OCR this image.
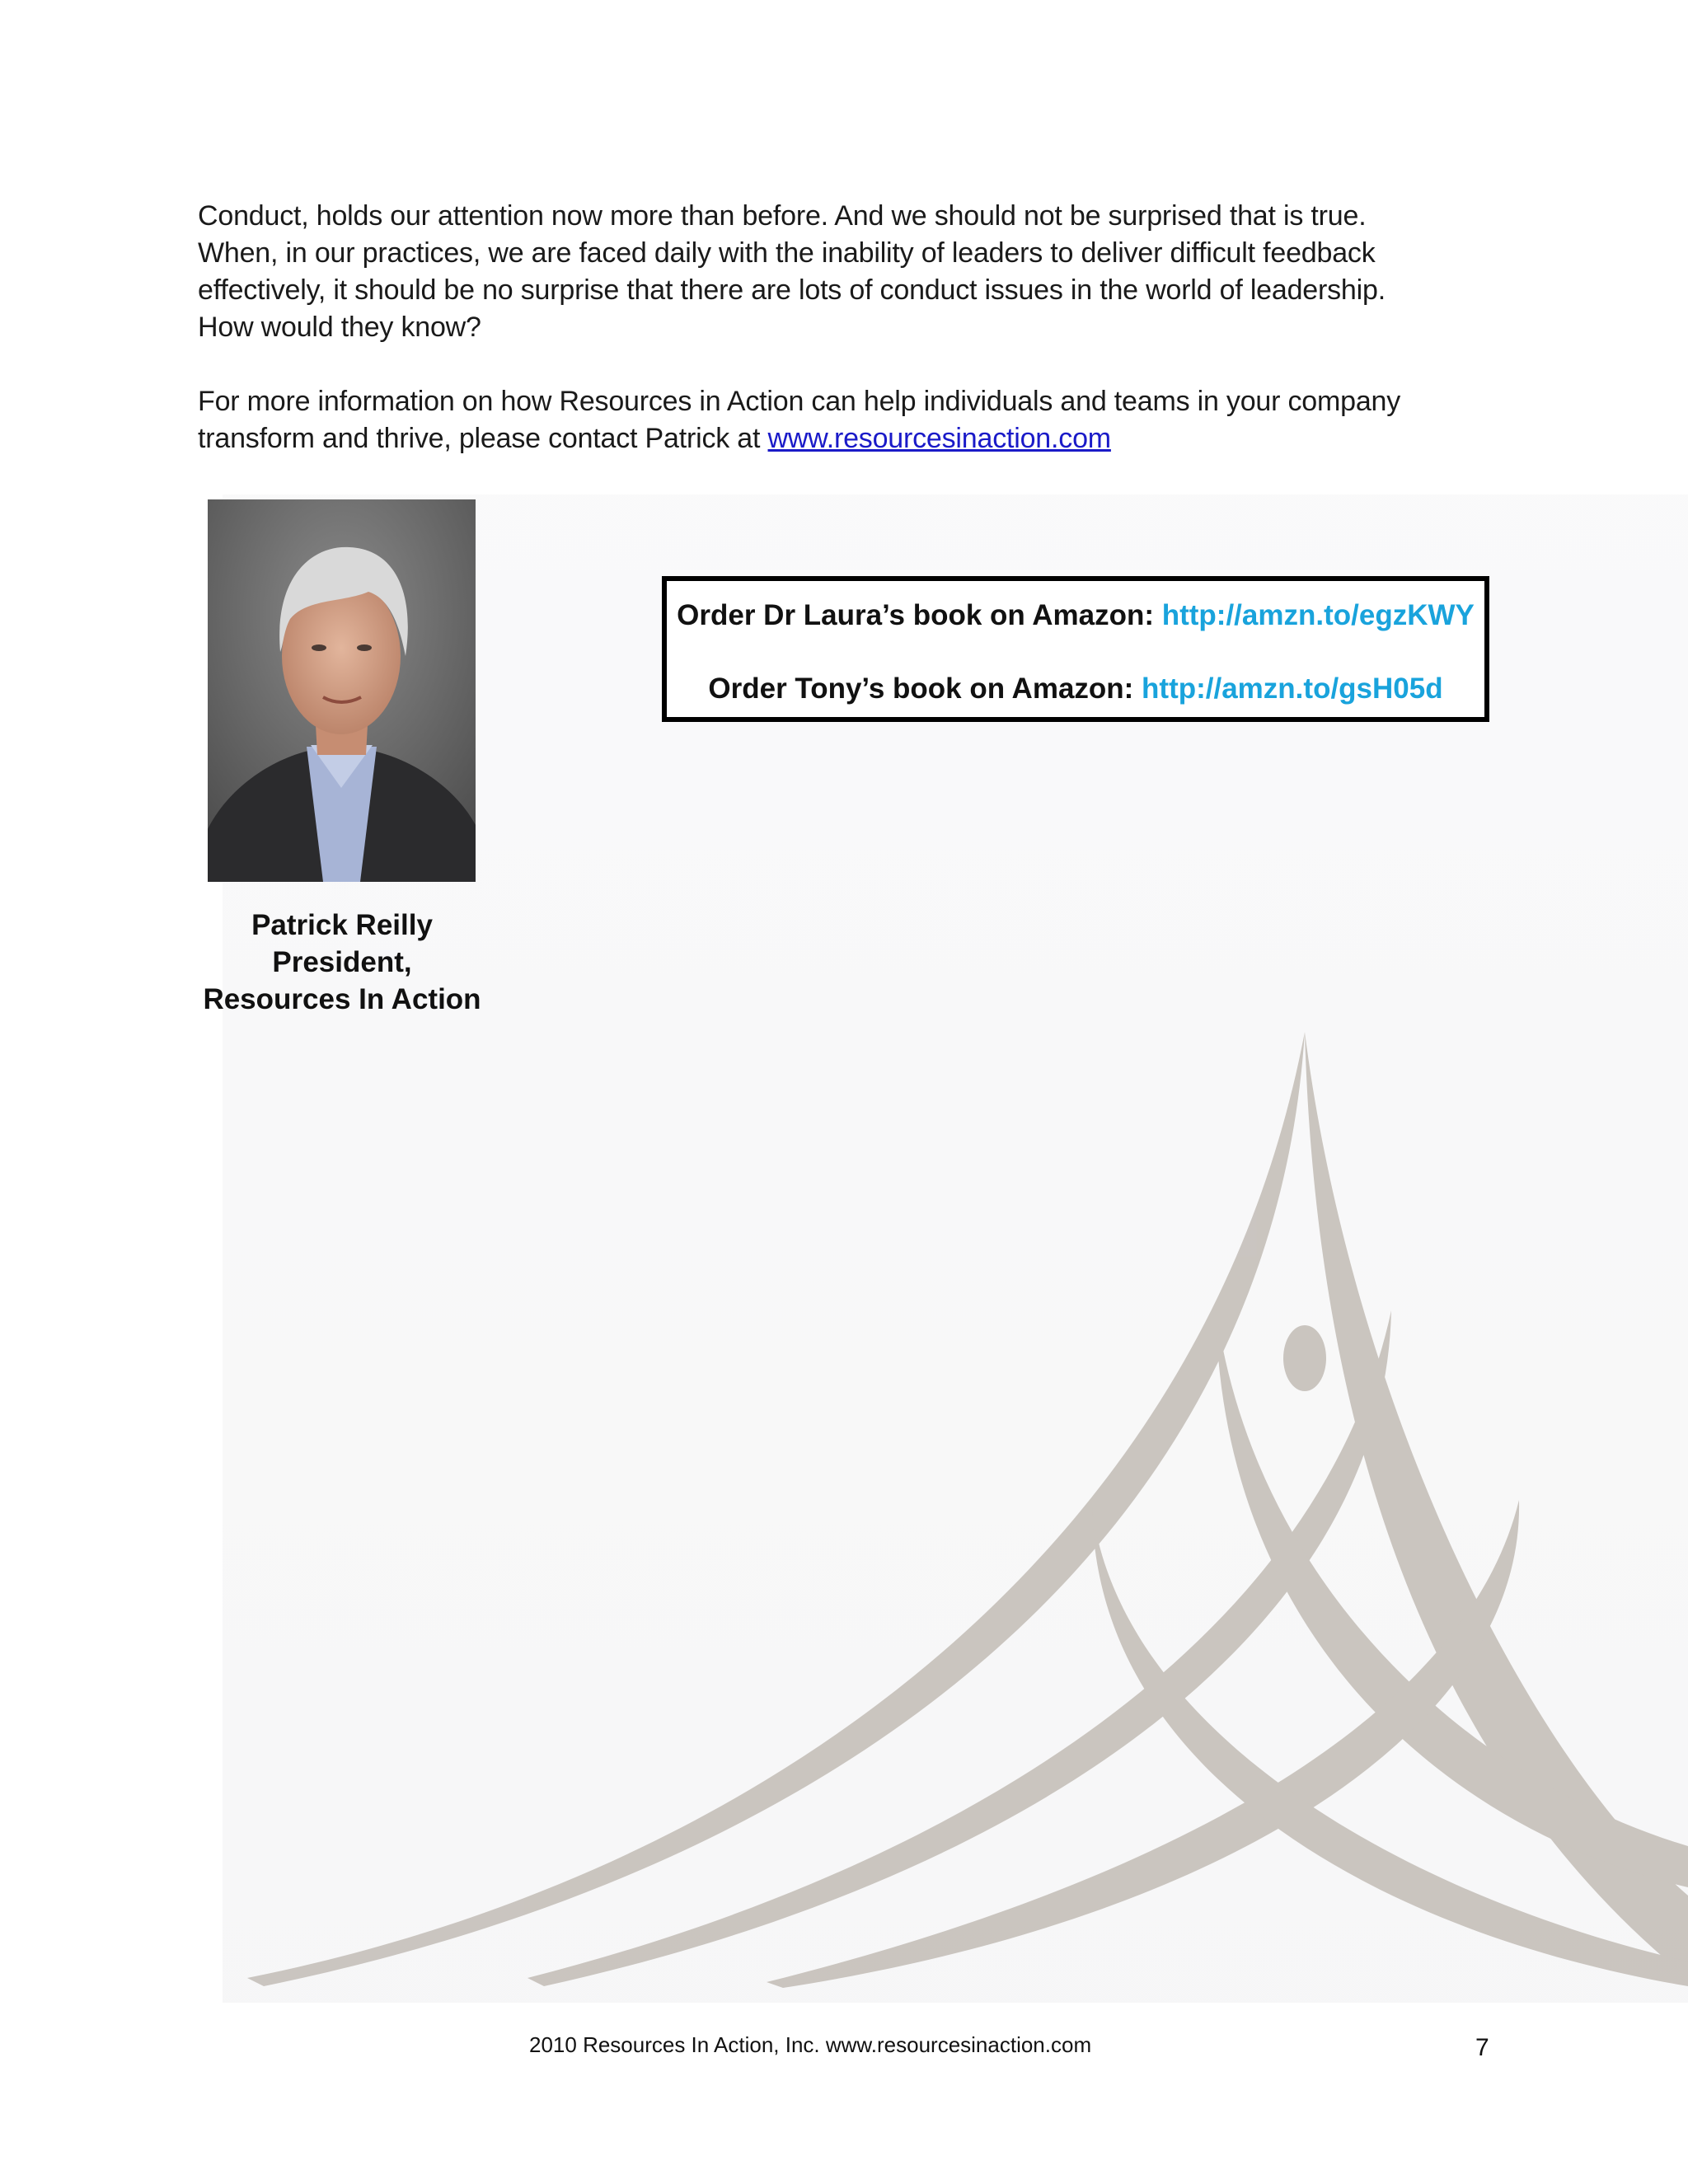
Conduct, holds our attention now more than before. And we should not be surprised that is true.
When, in our practices, we are faced daily with the inability of leaders to deliver difficult feedback
effectively, it should be no surprise that there are lots of conduct issues in the world of leadership.
How would they know?
For more information on how Resources in Action can help individuals and teams in your company
transform and thrive, please contact Patrick at www.resourcesinaction.com
Patrick Reilly
President,
Resources In Action
Order Dr Laura’s book on Amazon: http://amzn.to/egzKWY
Order Tony’s book on Amazon: http://amzn.to/gsH05d
2010 Resources In Action, Inc. www.resourcesinaction.com	7
